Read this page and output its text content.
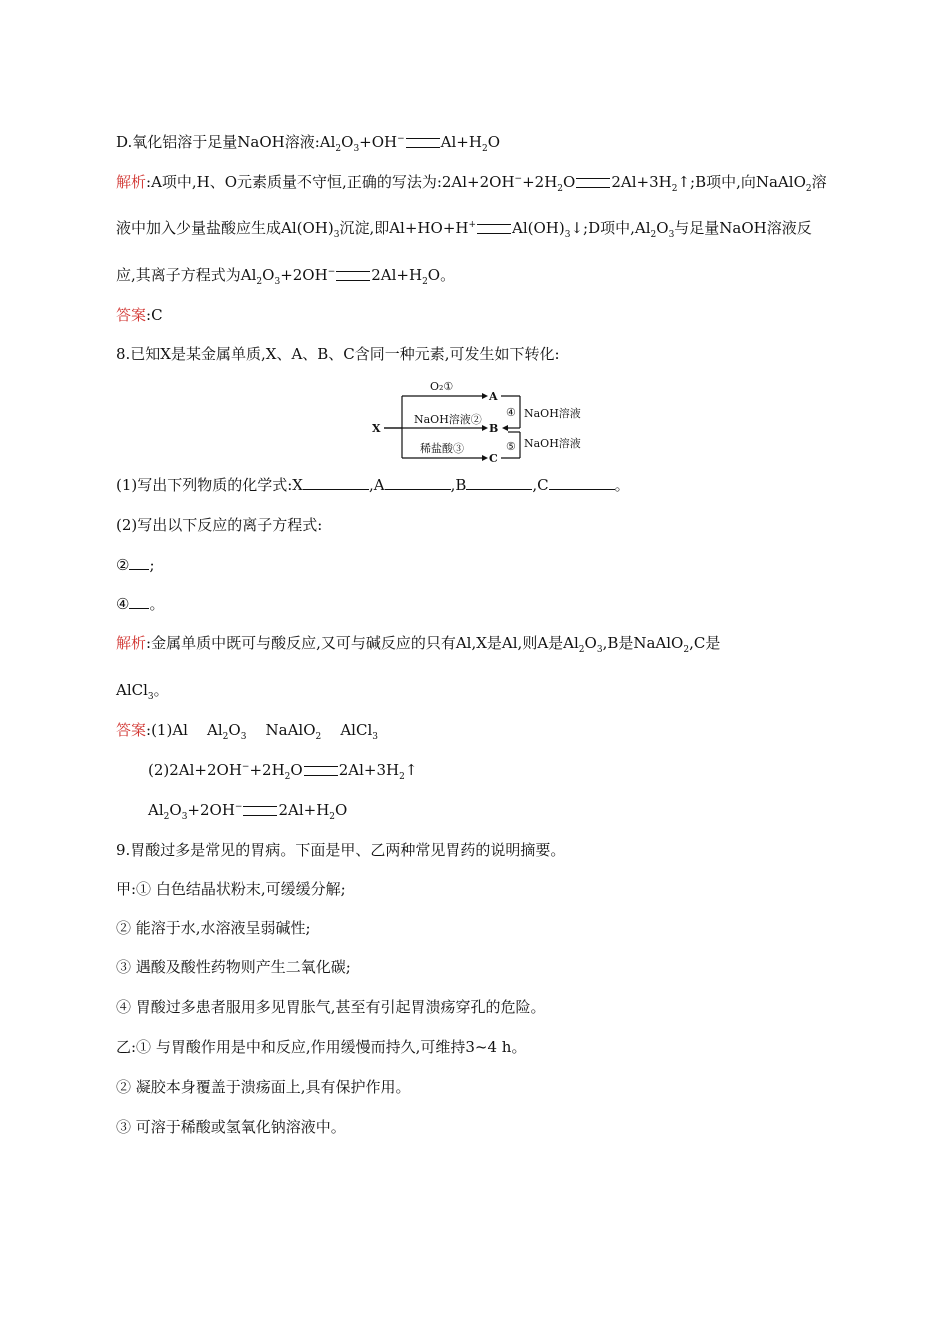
D.氧化铝溶于足量NaOH溶液$:Al_2O_3+OH^-$ $Al+H_2O$
解析:A项中,H、O元素质量不守恒,正确的写法为$:2Al+2OH^-+2H_2O$ $2Al+3H_2↑;B$项中,向NaAlO$_2$溶
液中加入少量盐酸应生成$Al(OH)_3$沉淀,即Al+HO+H+ $Al(OH)_3↓;D$项中$,Al_2O_3$与足量NaOH溶液反
应,其离子方程式为$Al_2O_3+2OH^-$ $2Al+H_2O$。
答案:C
8.已知X是某金属单质,X、A、B、C含同一种元素,可发生如下转化:
X
O₂①
NaOH溶液②
稀盐酸③
A
B
C
④ NaOH溶液
⑤ NaOH溶液
(1)写出下列物质的化学式:X	,A	,B	,C	。
(2)写出以下反应的离子方程式:
② ;
④ 。
解析:金属单质中既可与酸反应,又可与碱反应的只有Al,X是Al,则A是$Al_2O_3,B$是NaAlO$_2$,C是
AlCl$_3$。
答案:(1)Al $Al_2O_3$ NaAlO$_2$ AlCl$_3$
$(2)2Al+2OH^-+2H_2O$ $2Al+3H_2↑$
$Al_2O_3+2OH^-$ $2Al+H_2O$
9.胃酸过多是常见的胃病。下面是甲、乙两种常见胃药的说明摘要。
甲:① 白色结晶状粉末,可缓缓分解;
② 能溶于水,水溶液呈弱碱性;
③ 遇酸及酸性药物则产生二氧化碳;
④ 胃酸过多患者服用多见胃胀气,甚至有引起胃溃疡穿孔的危险。
乙:① 与胃酸作用是中和反应,作用缓慢而持久,可维持3~4 h。
② 凝胶本身覆盖于溃疡面上,具有保护作用。
③ 可溶于稀酸或氢氧化钠溶液中。
